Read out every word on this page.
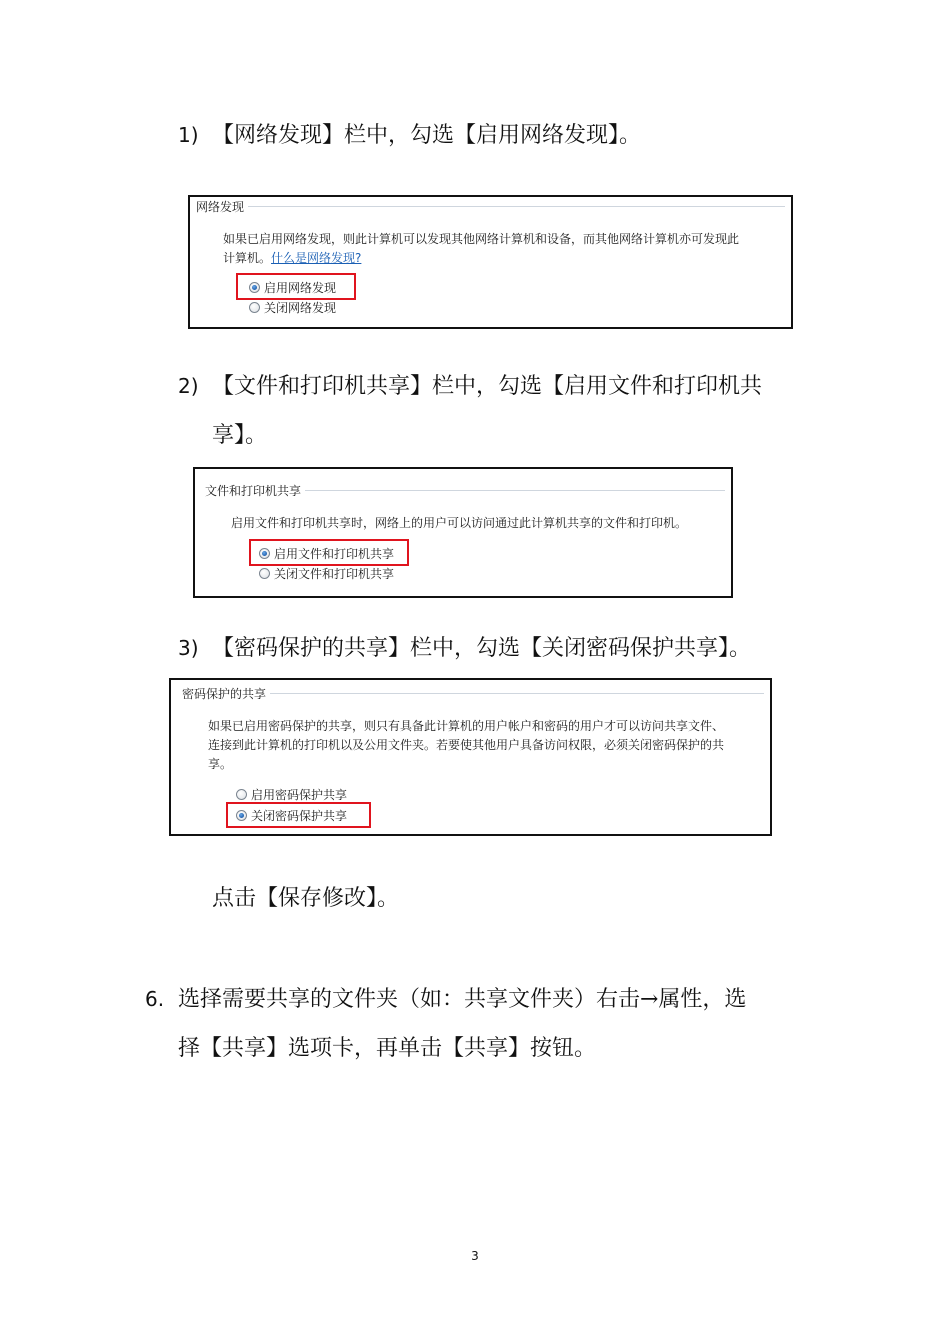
1) 【网络发现】栏中，勾选【启用网络发现】。
网络发现
如果已启用网络发现，则此计算机可以发现其他网络计算机和设备，而其他网络计算机亦可发现此
计算机。什么是网络发现?
启用网络发现
关闭网络发现
2) 【文件和打印机共享】栏中，勾选【启用文件和打印机共
享】。
文件和打印机共享
启用文件和打印机共享时，网络上的用户可以访问通过此计算机共享的文件和打印机。
启用文件和打印机共享
关闭文件和打印机共享
3) 【密码保护的共享】栏中，勾选【关闭密码保护共享】。
密码保护的共享
如果已启用密码保护的共享，则只有具备此计算机的用户帐户和密码的用户才可以访问共享文件、
连接到此计算机的打印机以及公用文件夹。若要使其他用户具备访问权限，必须关闭密码保护的共
享。
启用密码保护共享
关闭密码保护共享
点击【保存修改】。
6. 选择需要共享的文件夹（如：共享文件夹）右击→属性，选
择【共享】选项卡，再单击【共享】按钮。
3
